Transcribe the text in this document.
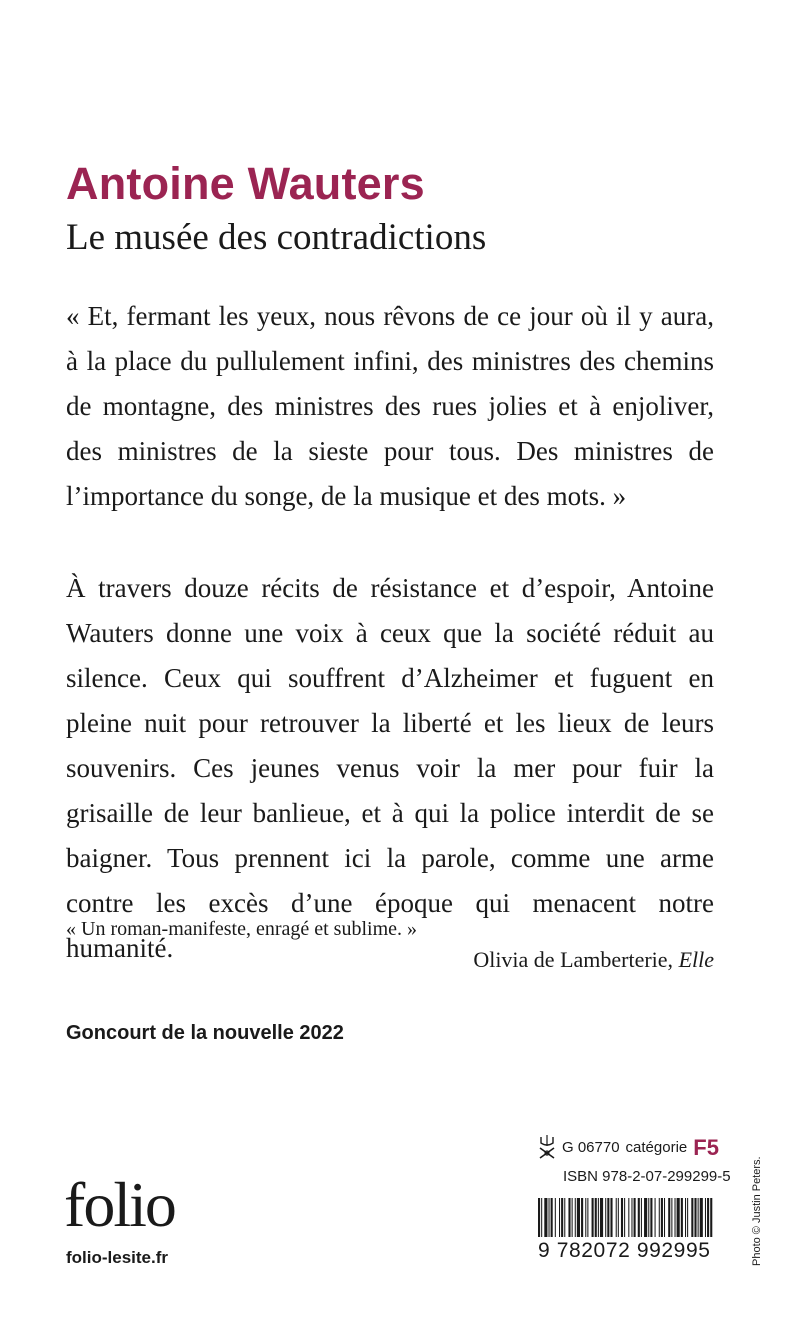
Antoine Wauters
Le musée des contradictions
« Et, fermant les yeux, nous rêvons de ce jour où il y aura, à la place du pullulement infini, des ministres des chemins de montagne, des ministres des rues jolies et à enjoliver, des ministres de la sieste pour tous. Des ministres de l’importance du songe, de la musique et des mots. »
À travers douze récits de résistance et d’espoir, Antoine Wauters donne une voix à ceux que la société réduit au silence. Ceux qui souffrent d’Alzheimer et fuguent en pleine nuit pour retrouver la liberté et les lieux de leurs souvenirs. Ces jeunes venus voir la mer pour fuir la grisaille de leur banlieue, et à qui la police interdit de se baigner. Tous prennent ici la parole, comme une arme contre les excès d’une époque qui menacent notre humanité.
« Un roman-manifeste, enragé et sublime. »
Olivia de Lamberterie, Elle
Goncourt de la nouvelle 2022
folio
folio-lesite.fr
G 06770 catégorie F5
ISBN 978-2-07-299299-5
9 782072 992995	Photo © Justin Peters.
